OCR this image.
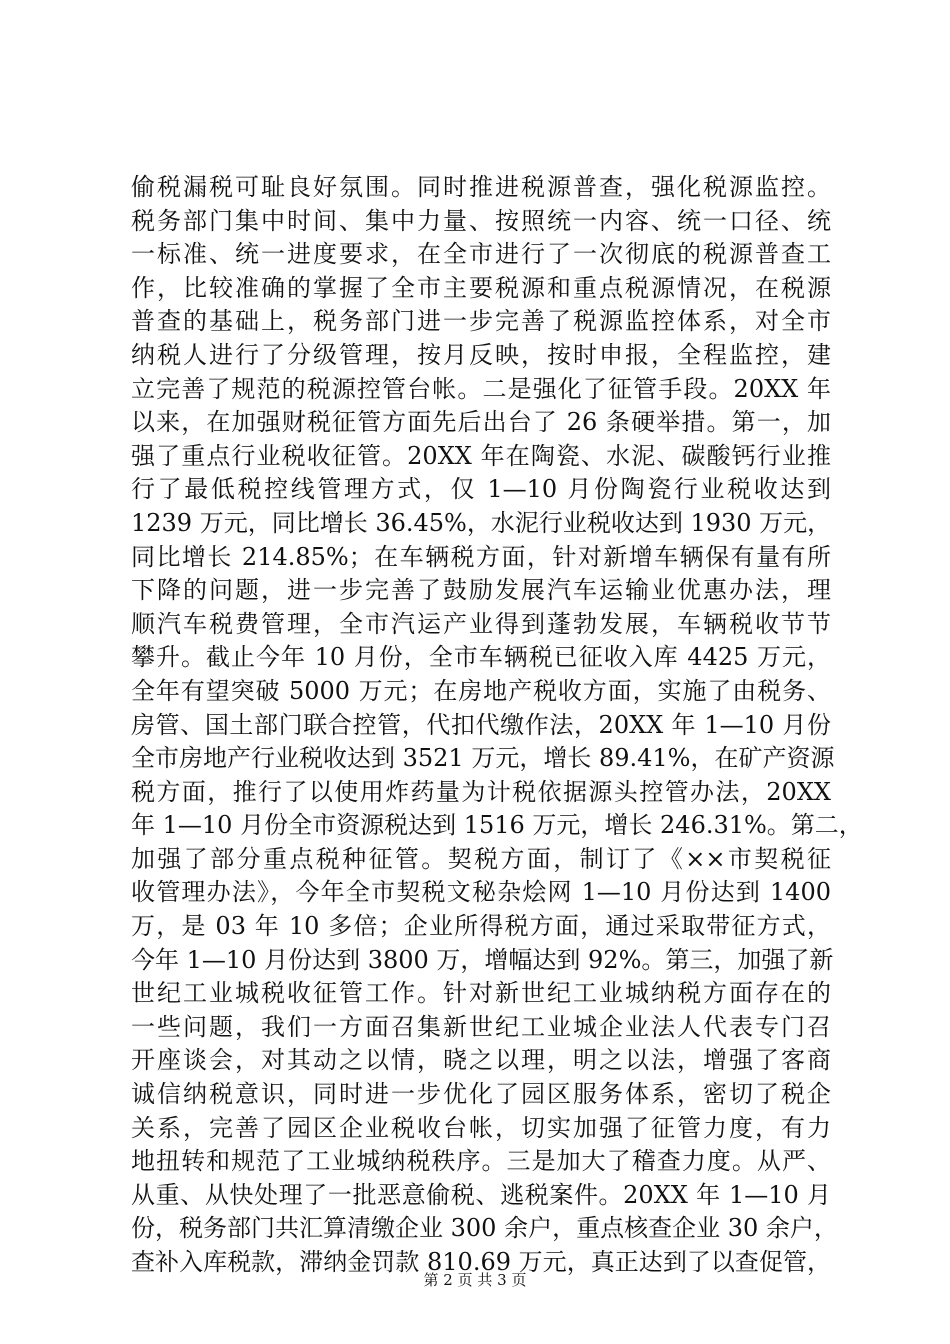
偷税漏税可耻良好氛围。同时推进税源普查，强化税源监控。
税务部门集中时间、集中力量、按照统一内容、统一口径、统
一标准、统一进度要求，在全市进行了一次彻底的税源普查工
作，比较准确的掌握了全市主要税源和重点税源情况，在税源
普查的基础上，税务部门进一步完善了税源监控体系，对全市
纳税人进行了分级管理，按月反映，按时申报，全程监控，建
立完善了规范的税源控管台帐。二是强化了征管手段。20XX 年
以来，在加强财税征管方面先后出台了 26 条硬举措。第一，加
强了重点行业税收征管。20XX 年在陶瓷、水泥、碳酸钙行业推
行了最低税控线管理方式，仅 1—10 月份陶瓷行业税收达到
1239 万元，同比增长 36.45%，水泥行业税收达到 1930 万元，
同比增长 214.85%；在车辆税方面，针对新增车辆保有量有所
下降的问题，进一步完善了鼓励发展汽车运输业优惠办法，理
顺汽车税费管理，全市汽运产业得到蓬勃发展，车辆税收节节
攀升。截止今年 10 月份，全市车辆税已征收入库 4425 万元，
全年有望突破 5000 万元；在房地产税收方面，实施了由税务、
房管、国土部门联合控管，代扣代缴作法，20XX 年 1—10 月份
全市房地产行业税收达到 3521 万元，增长 89.41%，在矿产资源
税方面，推行了以使用炸药量为计税依据源头控管办法，20XX
年 1—10 月份全市资源税达到 1516 万元，增长 246.31%。第二，
加强了部分重点税种征管。契税方面，制订了《××市契税征
收管理办法》，今年全市契税文秘杂烩网 1—10 月份达到 1400
万，是 03 年 10 多倍；企业所得税方面，通过采取带征方式，
今年 1—10 月份达到 3800 万，增幅达到 92%。第三，加强了新
世纪工业城税收征管工作。针对新世纪工业城纳税方面存在的
一些问题，我们一方面召集新世纪工业城企业法人代表专门召
开座谈会，对其动之以情，晓之以理，明之以法，增强了客商
诚信纳税意识，同时进一步优化了园区服务体系，密切了税企
关系，完善了园区企业税收台帐，切实加强了征管力度，有力
地扭转和规范了工业城纳税秩序。三是加大了稽查力度。从严、
从重、从快处理了一批恶意偷税、逃税案件。20XX 年 1—10 月
份，税务部门共汇算清缴企业 300 余户，重点核查企业 30 余户，
查补入库税款，滞纳金罚款 810.69 万元，真正达到了以查促管，
第 2 页 共 3 页
